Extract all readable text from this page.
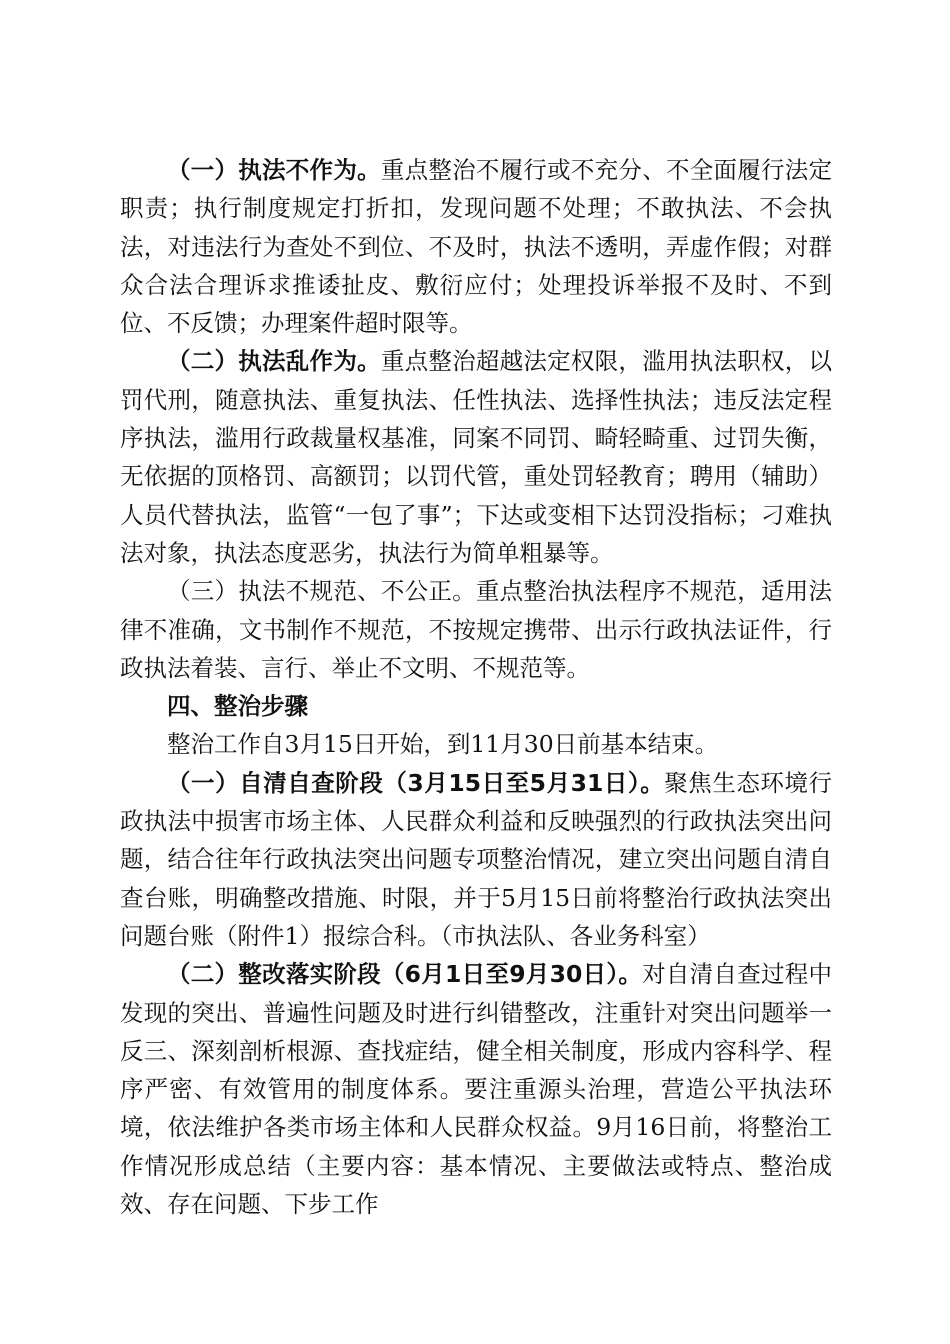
（一）执法不作为。重点整治不履行或不充分、不全面履行法定职责；执行制度规定打折扣，发现问题不处理；不敢执法、不会执法，对违法行为查处不到位、不及时，执法不透明，弄虚作假；对群众合法合理诉求推诿扯皮、敷衍应付；处理投诉举报不及时、不到位、不反馈；办理案件超时限等。

（二）执法乱作为。重点整治超越法定权限，滥用执法职权，以罚代刑，随意执法、重复执法、任性执法、选择性执法；违反法定程序执法，滥用行政裁量权基准，同案不同罚、畸轻畸重、过罚失衡，无依据的顶格罚、高额罚；以罚代管，重处罚轻教育；聘用（辅助）人员代替执法，监管“一包了事”；下达或变相下达罚没指标；刁难执法对象，执法态度恶劣，执法行为简单粗暴等。

（三）执法不规范、不公正。重点整治执法程序不规范，适用法律不准确，文书制作不规范，不按规定携带、出示行政执法证件，行政执法着装、言行、举止不文明、不规范等。

四、整治步骤

整治工作自3月15日开始，到11月30日前基本结束。

（一）自清自查阶段（3月15日至5月31日）。聚焦生态环境行政执法中损害市场主体、人民群众利益和反映强烈的行政执法突出问题，结合往年行政执法突出问题专项整治情况，建立突出问题自清自查台账，明确整改措施、时限，并于5月15日前将整治行政执法突出问题台账（附件1）报综合科。（市执法队、各业务科室）

（二）整改落实阶段（6月1日至9月30日）。对自清自查过程中发现的突出、普遍性问题及时进行纠错整改，注重针对突出问题举一反三、深刻剖析根源、查找症结，健全相关制度，形成内容科学、程序严密、有效管用的制度体系。要注重源头治理，营造公平执法环境，依法维护各类市场主体和人民群众权益。9月16日前，将整治工作情况形成总结（主要内容：基本情况、主要做法或特点、整治成效、存在问题、下步工作
